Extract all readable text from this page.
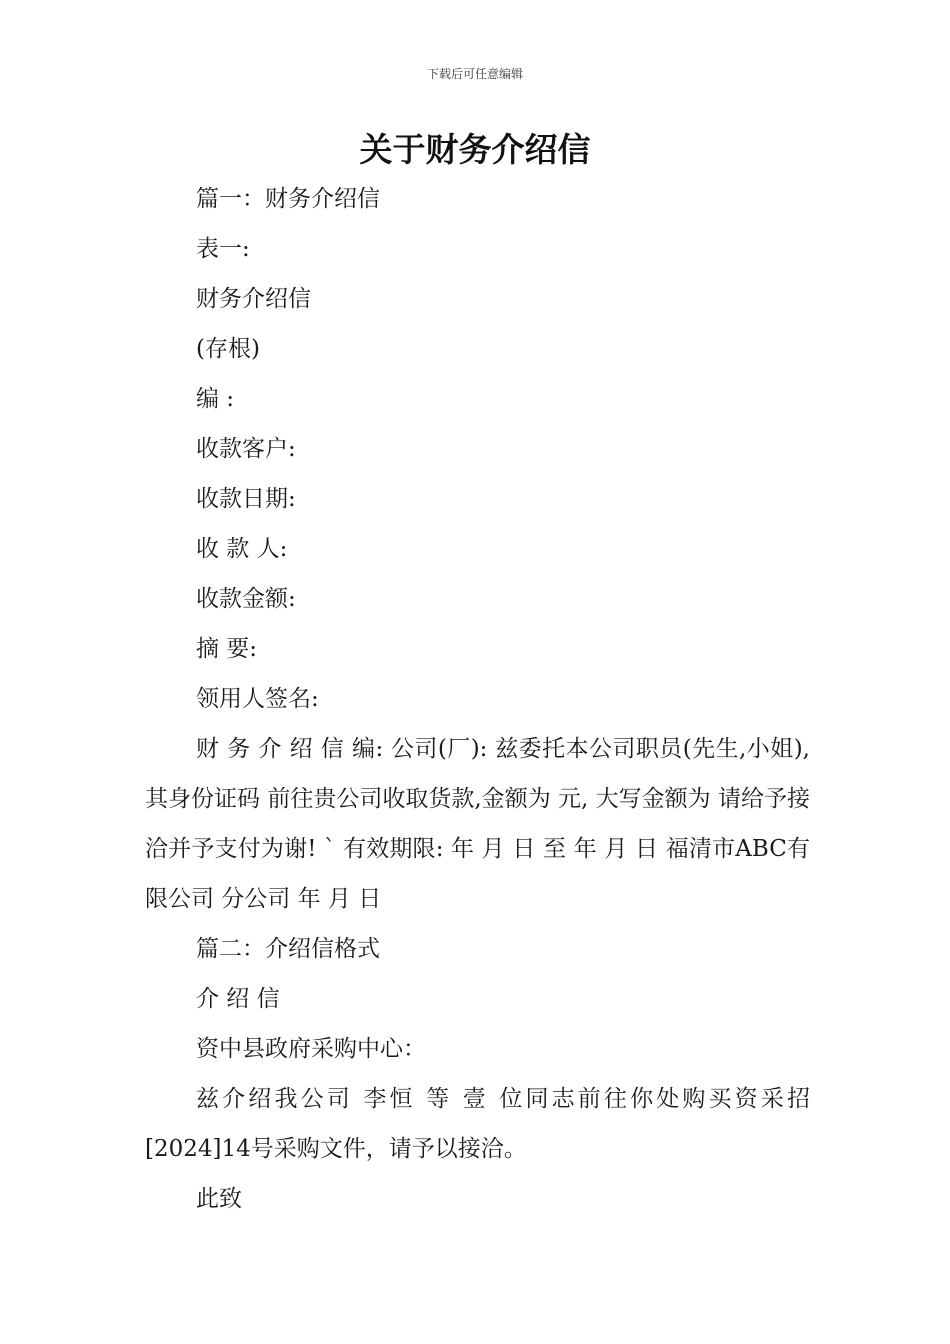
下载后可任意编辑
关于财务介绍信

篇一：财务介绍信

表一:

财务介绍信

(存根)

编 :

收款客户:

收款日期:

收 款 人:

收款金额:

摘 要:

领用人签名:

财 务 介 绍 信 编: 公司(厂): 兹委托本公司职员(先生,小姐),其身份证码 前往贵公司收取货款,金额为 元, 大写金额为 请给予接洽并予支付为谢! ` 有效期限: 年 月 日 至 年 月 日 福清市ABC有限公司 分公司 年 月 日

篇二：介绍信格式

介 绍 信

资中县政府采购中心：

兹介绍我公司 李恒 等 壹 位同志前往你处购买资采招[2024]14号采购文件，请予以接洽。

此致
